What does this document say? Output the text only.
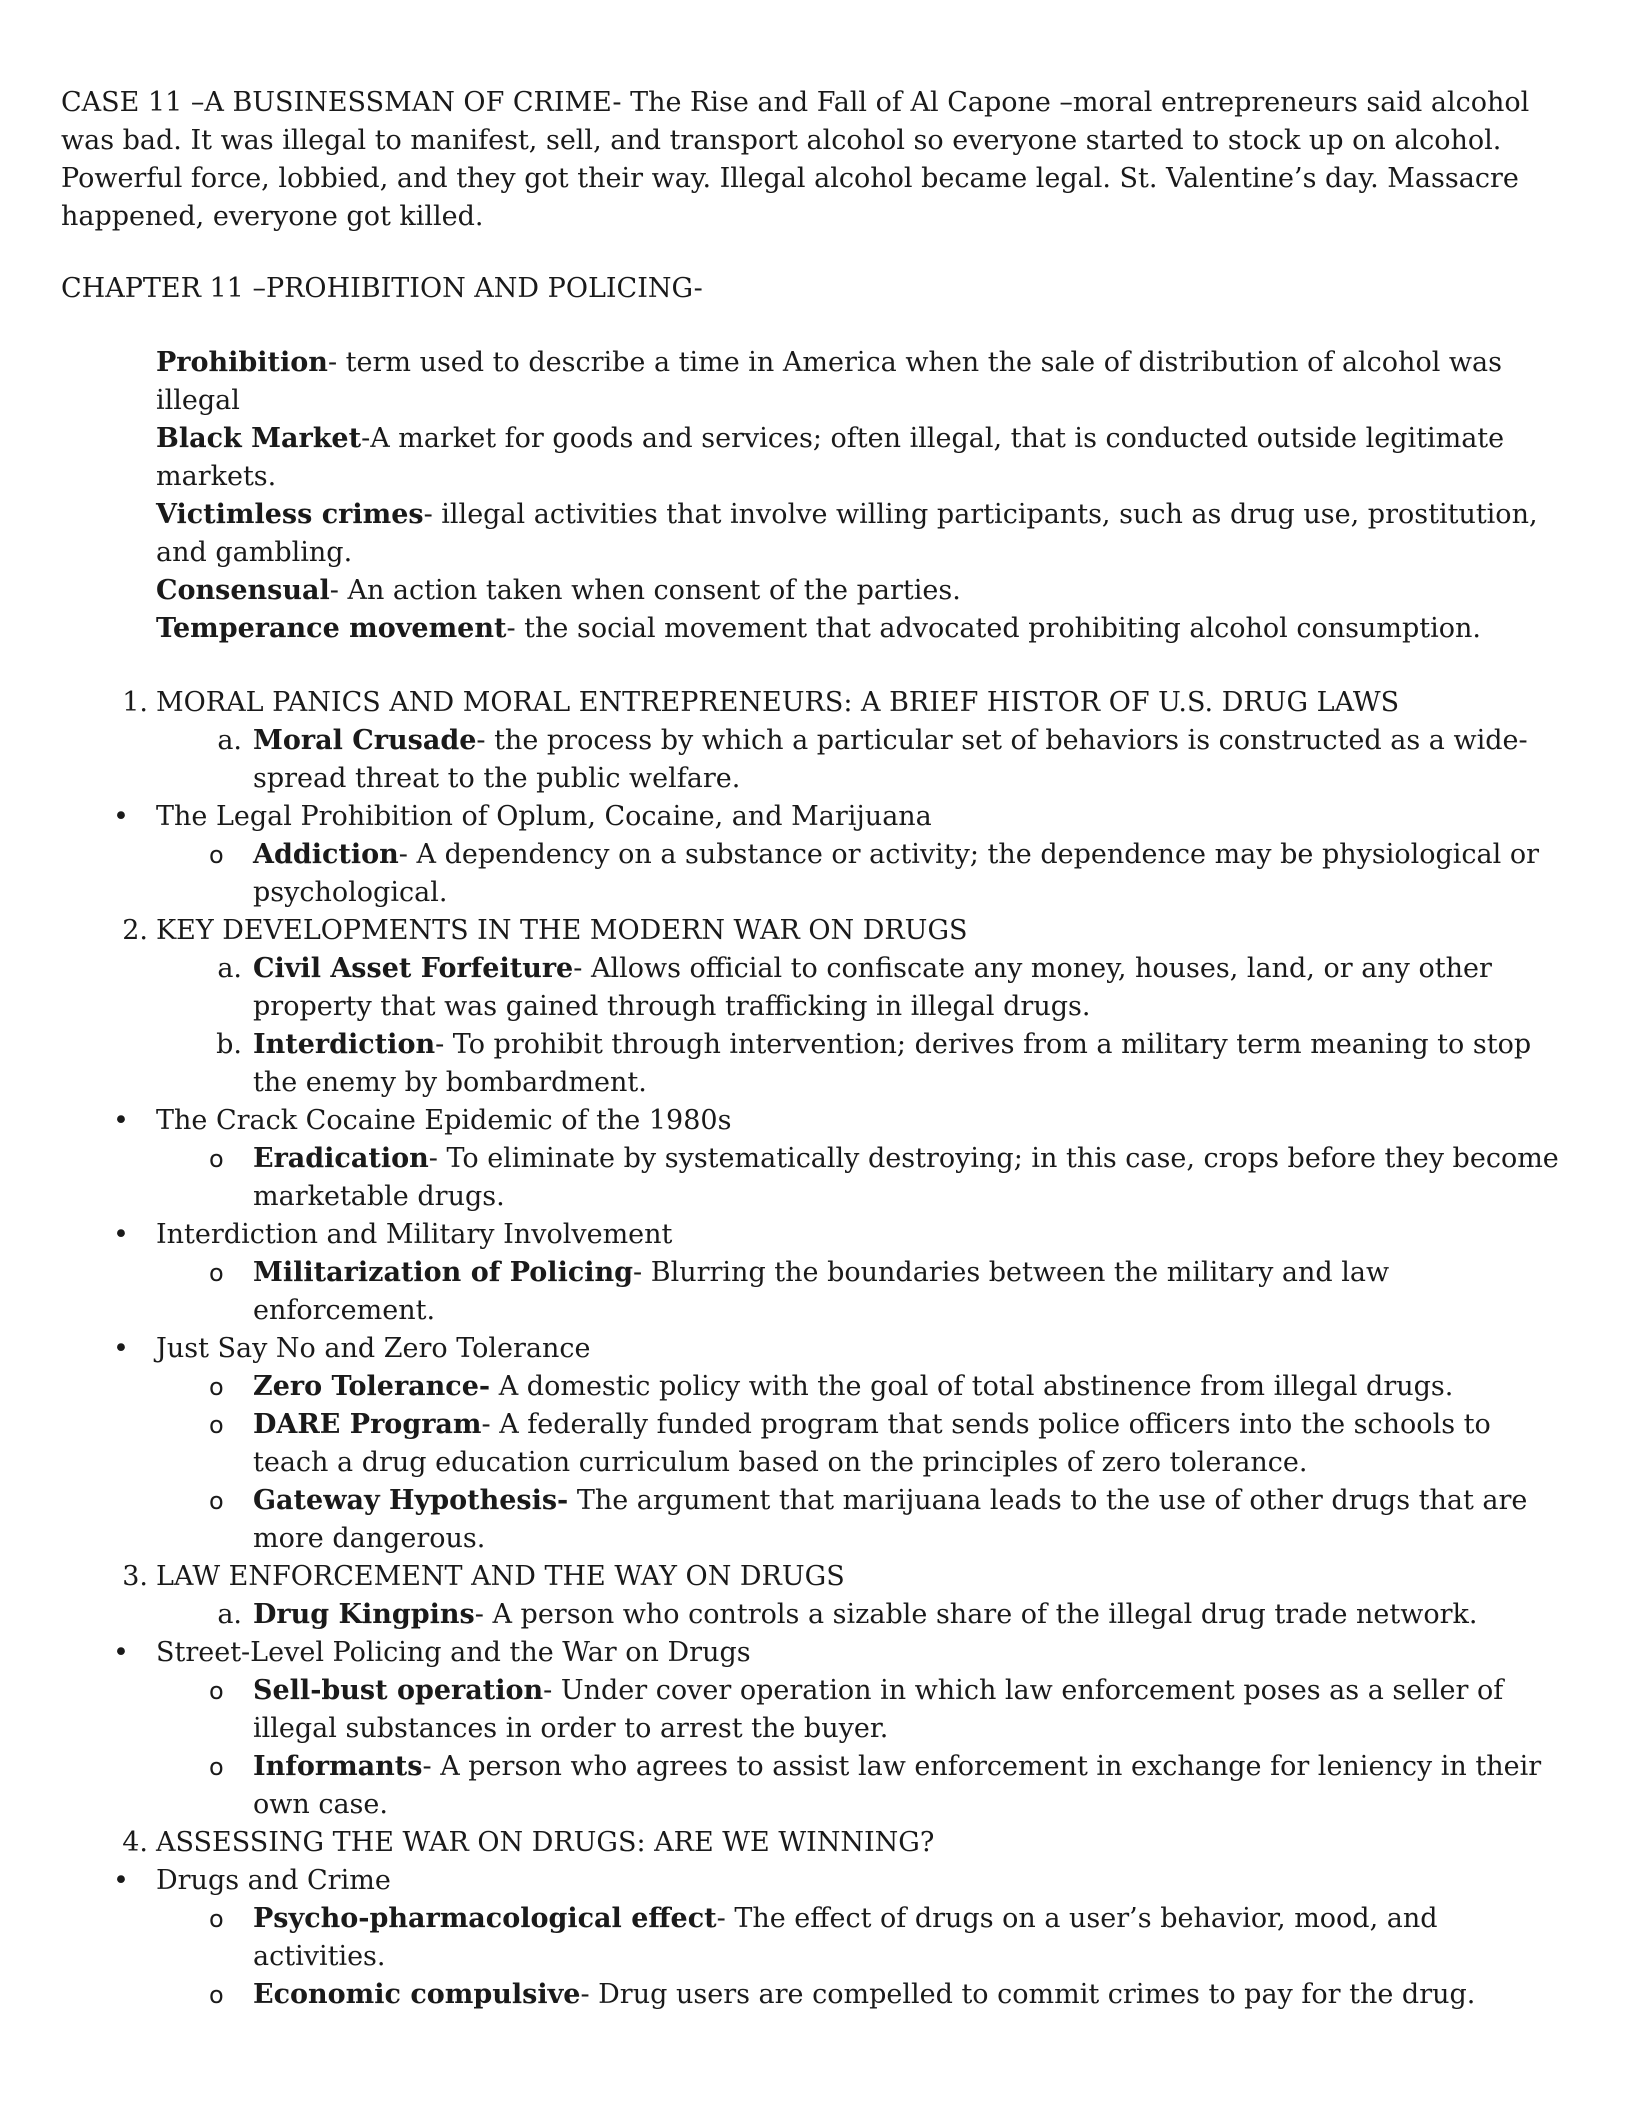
CASE 11 –A BUSINESSMAN OF CRIME- The Rise and Fall of Al Capone –moral entrepreneurs said alcohol was bad. It was illegal to manifest, sell, and transport alcohol so everyone started to stock up on alcohol. Powerful force, lobbied, and they got their way. Illegal alcohol became legal. St. Valentine’s day. Massacre happened, everyone got killed.

CHAPTER 11 –PROHIBITION AND POLICING-

Prohibition- term used to describe a time in America when the sale of distribution of alcohol was illegal

Black Market-A market for goods and services; often illegal, that is conducted outside legitimate markets.

Victimless crimes- illegal activities that involve willing participants, such as drug use, prostitution, and gambling.

Consensual- An action taken when consent of the parties.

Temperance movement- the social movement that advocated prohibiting alcohol consumption.

1. MORAL PANICS AND MORAL ENTREPRENEURS: A BRIEF HISTOR OF U.S. DRUG LAWS
a. Moral Crusade- the process by which a particular set of behaviors is constructed as a wide-spread threat to the public welfare.
• The Legal Prohibition of Oplum, Cocaine, and Marijuana
o	Addiction- A dependency on a substance or activity; the dependence may be physiological or psychological.
2. KEY DEVELOPMENTS IN THE MODERN WAR ON DRUGS
a. Civil Asset Forfeiture- Allows official to confiscate any money, houses, land, or any other property that was gained through trafficking in illegal drugs.
b. Interdiction- To prohibit through intervention; derives from a military term meaning to stop the enemy by bombardment.
• The Crack Cocaine Epidemic of the 1980s
o	Eradication- To eliminate by systematically destroying; in this case, crops before they become marketable drugs.
• Interdiction and Military Involvement
o	Militarization of Policing- Blurring the boundaries between the military and law enforcement.
• Just Say No and Zero Tolerance
o	Zero Tolerance- A domestic policy with the goal of total abstinence from illegal drugs.
o	DARE Program- A federally funded program that sends police officers into the schools to teach a drug education curriculum based on the principles of zero tolerance.
o	Gateway Hypothesis- The argument that marijuana leads to the use of other drugs that are more dangerous.
3. LAW ENFORCEMENT AND THE WAY ON DRUGS
a. Drug Kingpins- A person who controls a sizable share of the illegal drug trade network.
• Street-Level Policing and the War on Drugs
o	Sell-bust operation- Under cover operation in which law enforcement poses as a seller of illegal substances in order to arrest the buyer.
o	Informants- A person who agrees to assist law enforcement in exchange for leniency in their own case.
4. ASSESSING THE WAR ON DRUGS: ARE WE WINNING?
• Drugs and Crime
o	Psycho-pharmacological effect- The effect of drugs on a user’s behavior, mood, and activities.
o	Economic compulsive- Drug users are compelled to commit crimes to pay for the drug.
